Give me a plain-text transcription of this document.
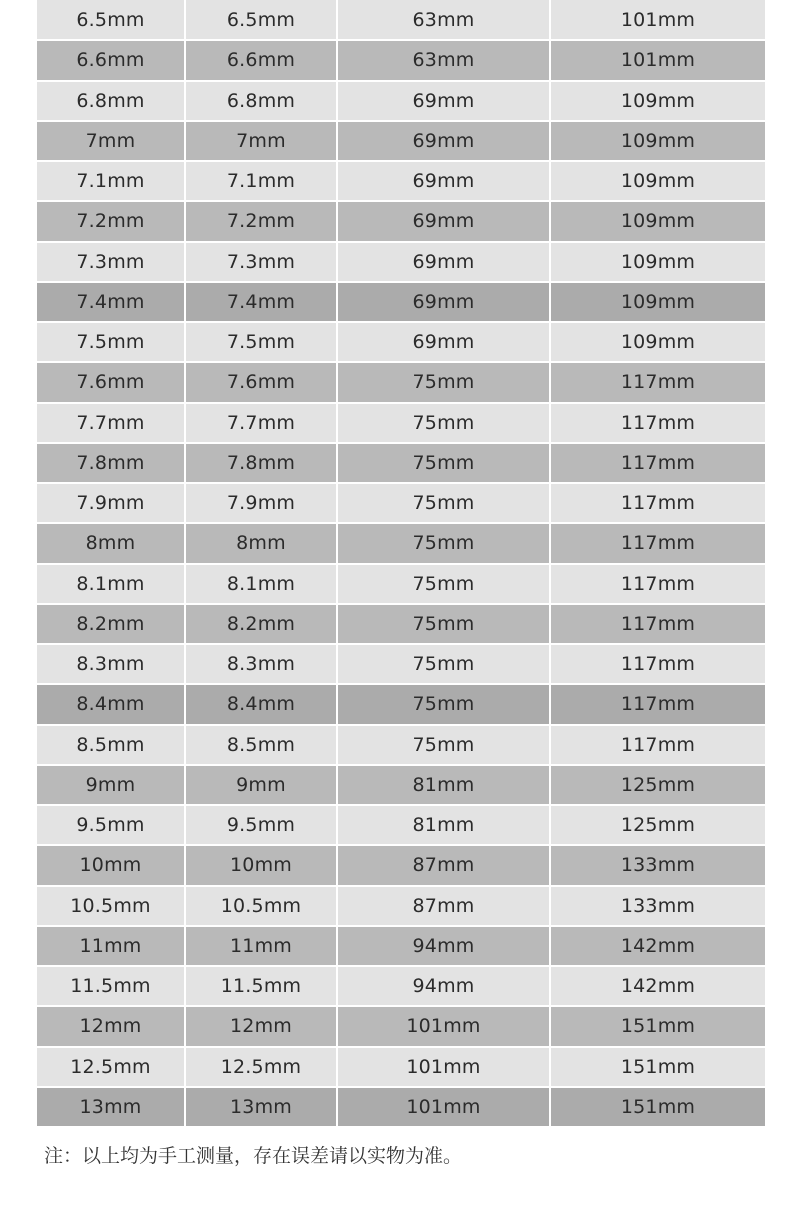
6.5mm	6.5mm	63mm	101mm
6.6mm	6.6mm	63mm	101mm
6.8mm	6.8mm	69mm	109mm
7mm	7mm	69mm	109mm
7.1mm	7.1mm	69mm	109mm
7.2mm	7.2mm	69mm	109mm
7.3mm	7.3mm	69mm	109mm
7.4mm	7.4mm	69mm	109mm
7.5mm	7.5mm	69mm	109mm
7.6mm	7.6mm	75mm	117mm
7.7mm	7.7mm	75mm	117mm
7.8mm	7.8mm	75mm	117mm
7.9mm	7.9mm	75mm	117mm
8mm	8mm	75mm	117mm
8.1mm	8.1mm	75mm	117mm
8.2mm	8.2mm	75mm	117mm
8.3mm	8.3mm	75mm	117mm
8.4mm	8.4mm	75mm	117mm
8.5mm	8.5mm	75mm	117mm
9mm	9mm	81mm	125mm
9.5mm	9.5mm	81mm	125mm
10mm	10mm	87mm	133mm
10.5mm	10.5mm	87mm	133mm
11mm	11mm	94mm	142mm
11.5mm	11.5mm	94mm	142mm
12mm	12mm	101mm	151mm
12.5mm	12.5mm	101mm	151mm
13mm	13mm	101mm	151mm
注：以上均为手工测量，存在误差请以实物为准。
